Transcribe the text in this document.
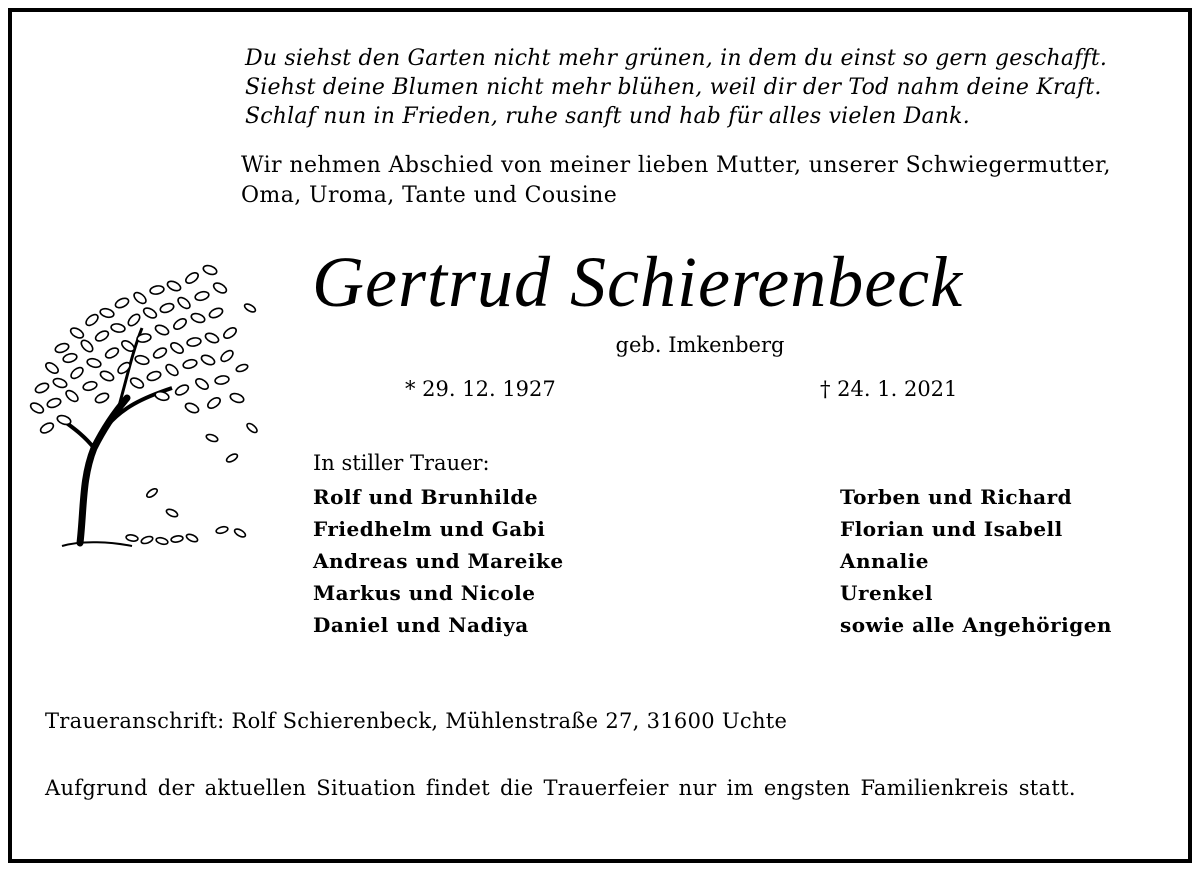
Du siehst den Garten nicht mehr grünen, in dem du einst so gern geschafft.
Siehst deine Blumen nicht mehr blühen, weil dir der Tod nahm deine Kraft.
Schlaf nun in Frieden, ruhe sanft und hab für alles vielen Dank.
Wir nehmen Abschied von meiner lieben Mutter, unserer Schwiegermutter, Oma, Uroma, Tante und Cousine
Gertrud Schierenbeck
geb. Imkenberg
* 29. 12. 1927	† 24. 1. 2021
In stiller Trauer:
Rolf und Brunhilde
Friedhelm und Gabi
Andreas und Mareike
Markus und Nicole
Daniel und Nadiya
Torben und Richard
Florian und Isabell
Annalie
Urenkel
sowie alle Angehörigen
Traueranschrift: Rolf Schierenbeck, Mühlenstraße 27, 31600 Uchte
Aufgrund der aktuellen Situation findet die Trauerfeier nur im engsten Familienkreis statt.
